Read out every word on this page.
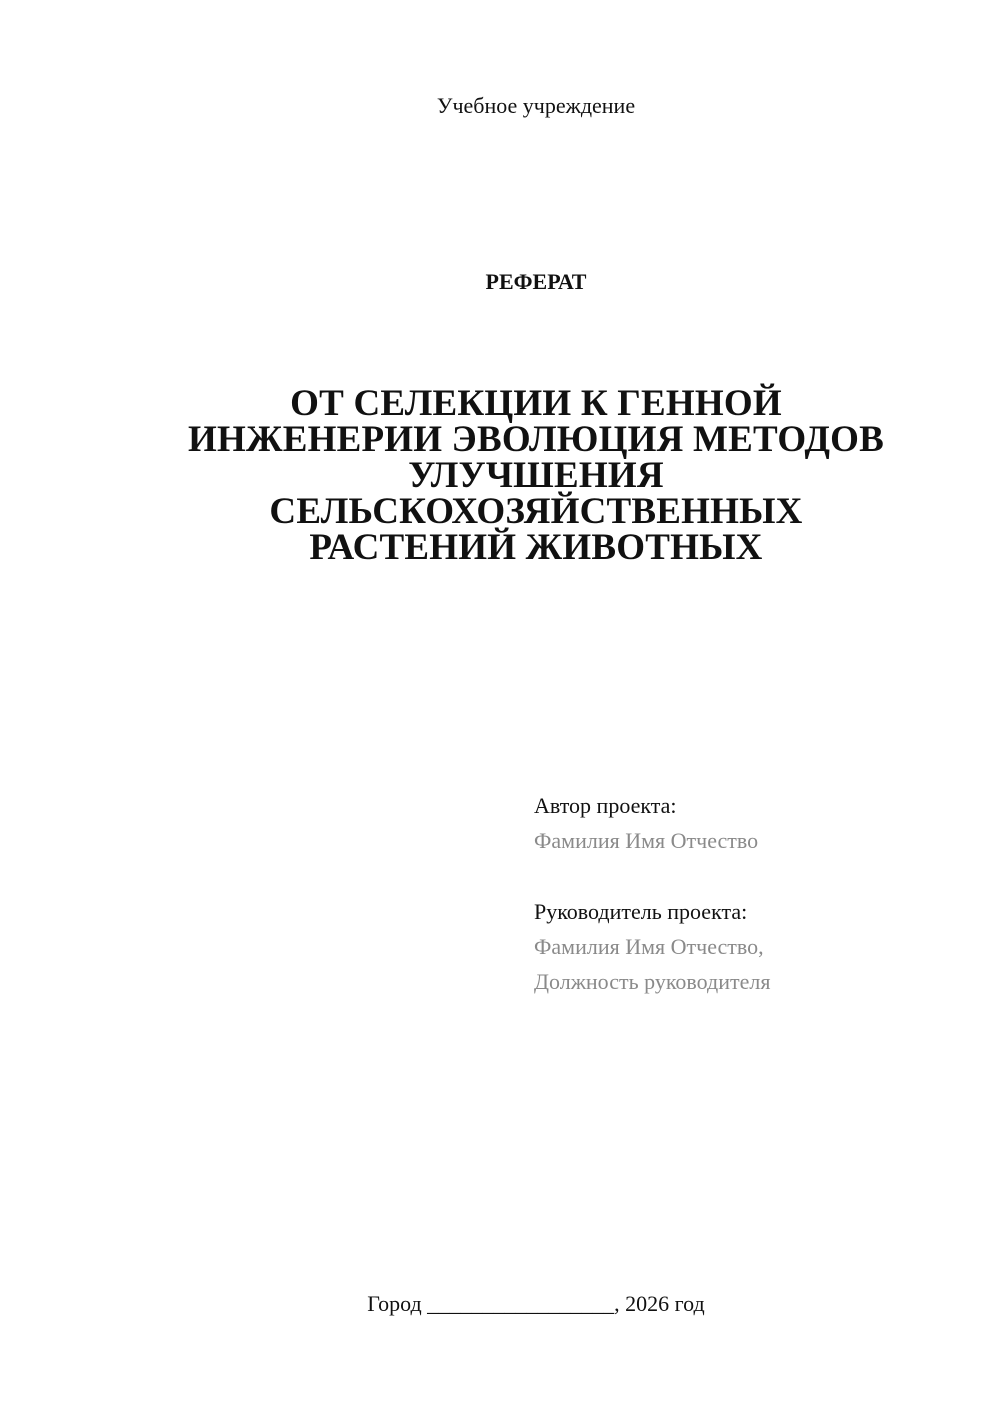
Учебное учреждение
РЕФЕРАТ
ОТ СЕЛЕКЦИИ К ГЕННОЙ
ИНЖЕНЕРИИ ЭВОЛЮЦИЯ МЕТОДОВ
УЛУЧШЕНИЯ
СЕЛЬСКОХОЗЯЙСТВЕННЫХ
РАСТЕНИЙ ЖИВОТНЫХ
Автор проекта:
Фамилия Имя Отчество
Руководитель проекта:
Фамилия Имя Отчество,
Должность руководителя
Город _________________, 2026 год
